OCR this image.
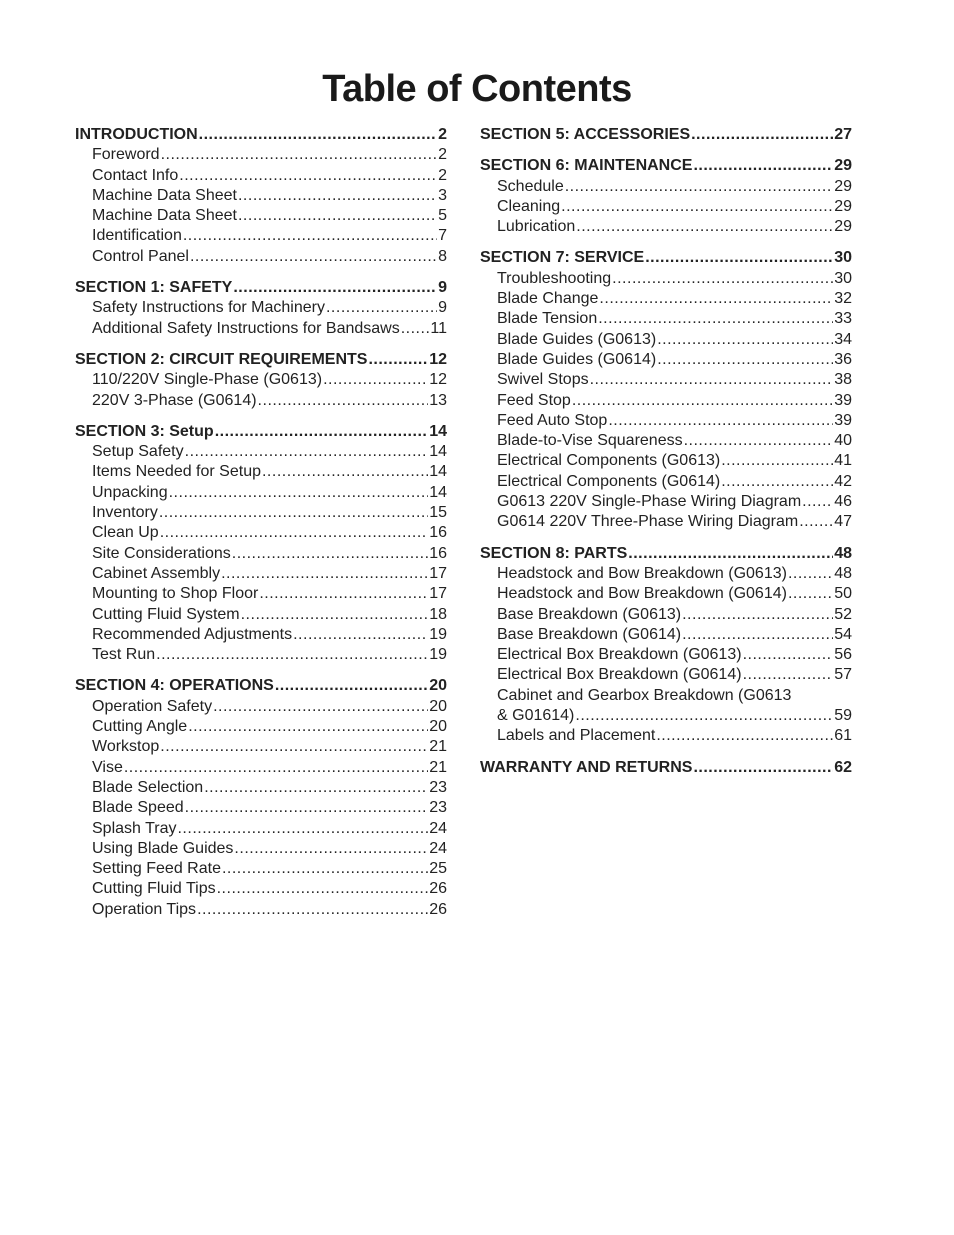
Table of Contents
INTRODUCTION .....	2
Foreword .....	2
Contact Info .....	2
Machine Data Sheet .....	3
Machine Data Sheet .....	5
Identification .....	7
Control Panel .....	8
SECTION 1: SAFETY .....	9
Safety Instructions for Machinery .....	9
Additional Safety Instructions for Bandsaws ..... 11
SECTION 2: CIRCUIT REQUIREMENTS .....	12
110/220V Single-Phase (G0613) .....	12
220V 3-Phase (G0614) .....	13
SECTION 3: Setup .....	14
Setup Safety .....	14
Items Needed for Setup .....	14
Unpacking .....	14
Inventory .....	15
Clean Up .....	16
Site Considerations .....	16
Cabinet Assembly .....	17
Mounting to Shop Floor .....	17
Cutting Fluid System .....	18
Recommended Adjustments .....	19
Test Run .....	19
SECTION 4: OPERATIONS .....	20
Operation Safety .....	20
Cutting Angle .....	20
Workstop .....	21
Vise .....	21
Blade Selection .....	23
Blade Speed .....	23
Splash Tray .....	24
Using Blade Guides .....	24
Setting Feed Rate .....	25
Cutting Fluid Tips .....	26
Operation Tips .....	26
SECTION 5: ACCESSORIES .....	27
SECTION 6: MAINTENANCE .....	29
Schedule .....	29
Cleaning .....	29
Lubrication .....	29
SECTION 7: SERVICE .....	30
Troubleshooting .....	30
Blade Change .....	32
Blade Tension .....	33
Blade Guides (G0613) .....	34
Blade Guides (G0614) .....	36
Swivel Stops .....	38
Feed Stop .....	39
Feed Auto Stop .....	39
Blade-to-Vise Squareness .....	40
Electrical Components (G0613) .....	41
Electrical Components (G0614) .....	42
G0613 220V Single-Phase Wiring Diagram ..... 46
G0614 220V Three-Phase Wiring Diagram ..... 47
SECTION 8: PARTS .....	48
Headstock and Bow Breakdown (G0613) .....	48
Headstock and Bow Breakdown (G0614) .....	50
Base Breakdown (G0613) .....	52
Base Breakdown (G0614) .....	54
Electrical Box Breakdown (G0613) .....	56
Electrical Box Breakdown (G0614) .....	57
Cabinet and Gearbox Breakdown (G0613
& G01614) .....	59
Labels and Placement .....	61
WARRANTY AND RETURNS .....	62
